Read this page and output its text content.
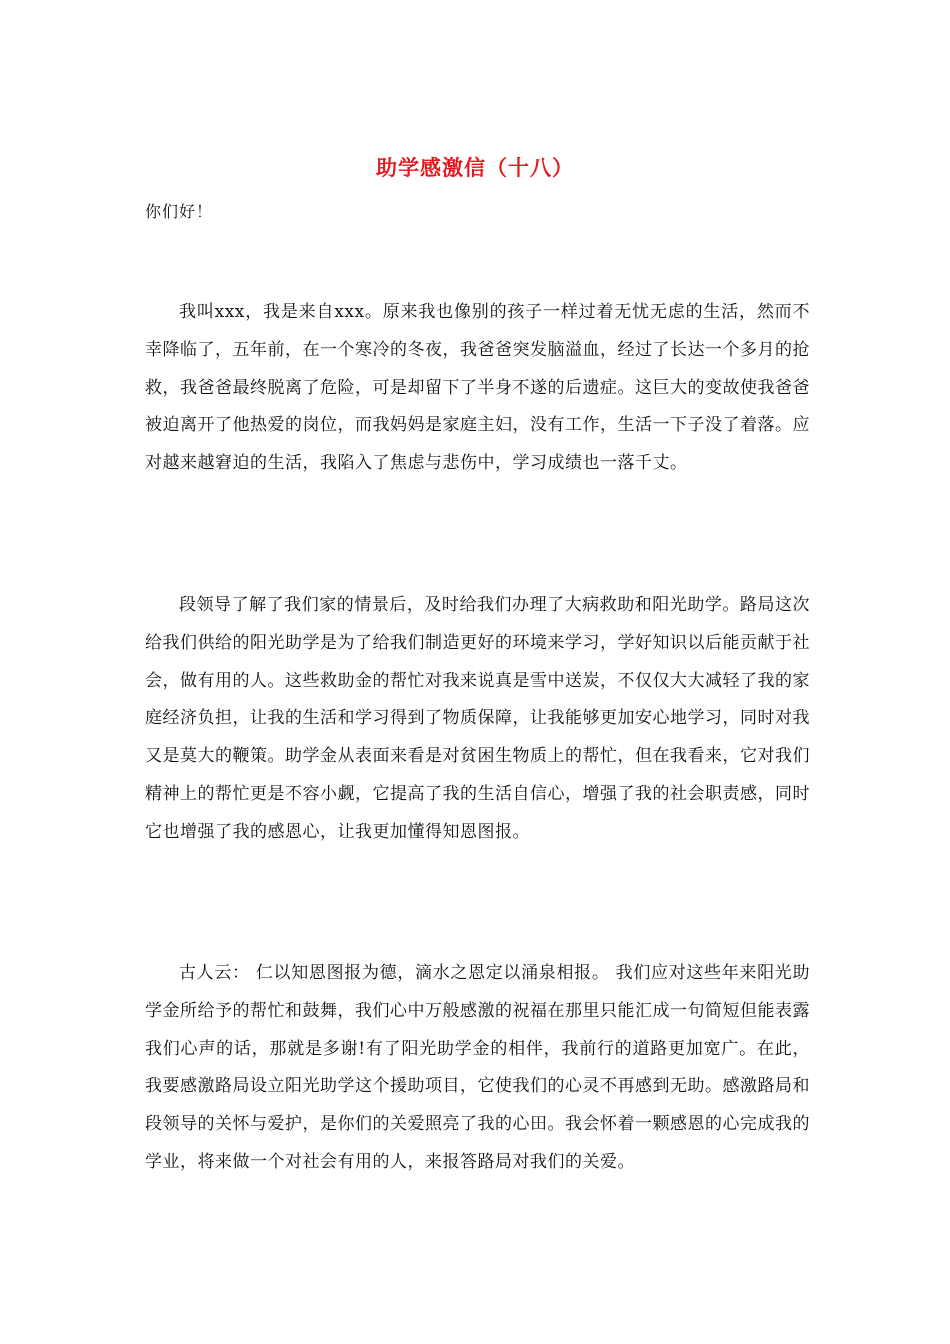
助学感激信（十八）
你们好！

我叫xxx，我是来自xxx。原来我也像别的孩子一样过着无忧无虑的生活，然而不幸降临了，五年前，在一个寒冷的冬夜，我爸爸突发脑溢血，经过了长达一个多月的抢救，我爸爸最终脱离了危险，可是却留下了半身不遂的后遗症。这巨大的变故使我爸爸被迫离开了他热爱的岗位，而我妈妈是家庭主妇，没有工作，生活一下子没了着落。应对越来越窘迫的生活，我陷入了焦虑与悲伤中，学习成绩也一落千丈。

段领导了解了我们家的情景后，及时给我们办理了大病救助和阳光助学。路局这次给我们供给的阳光助学是为了给我们制造更好的环境来学习，学好知识以后能贡献于社会，做有用的人。这些救助金的帮忙对我来说真是雪中送炭，不仅仅大大减轻了我的家庭经济负担，让我的生活和学习得到了物质保障，让我能够更加安心地学习，同时对我又是莫大的鞭策。助学金从表面来看是对贫困生物质上的帮忙，但在我看来，它对我们精神上的帮忙更是不容小觑，它提高了我的生活自信心，增强了我的社会职责感，同时它也增强了我的感恩心，让我更加懂得知恩图报。

古人云： 仁以知恩图报为德，滴水之恩定以涌泉相报。 我们应对这些年来阳光助学金所给予的帮忙和鼓舞，我们心中万般感激的祝福在那里只能汇成一句简短但能表露我们心声的话，那就是多谢!有了阳光助学金的相伴，我前行的道路更加宽广。在此，我要感激路局设立阳光助学这个援助项目，它使我们的心灵不再感到无助。感激路局和段领导的关怀与爱护，是你们的关爱照亮了我的心田。我会怀着一颗感恩的心完成我的学业，将来做一个对社会有用的人，来报答路局对我们的关爱。
